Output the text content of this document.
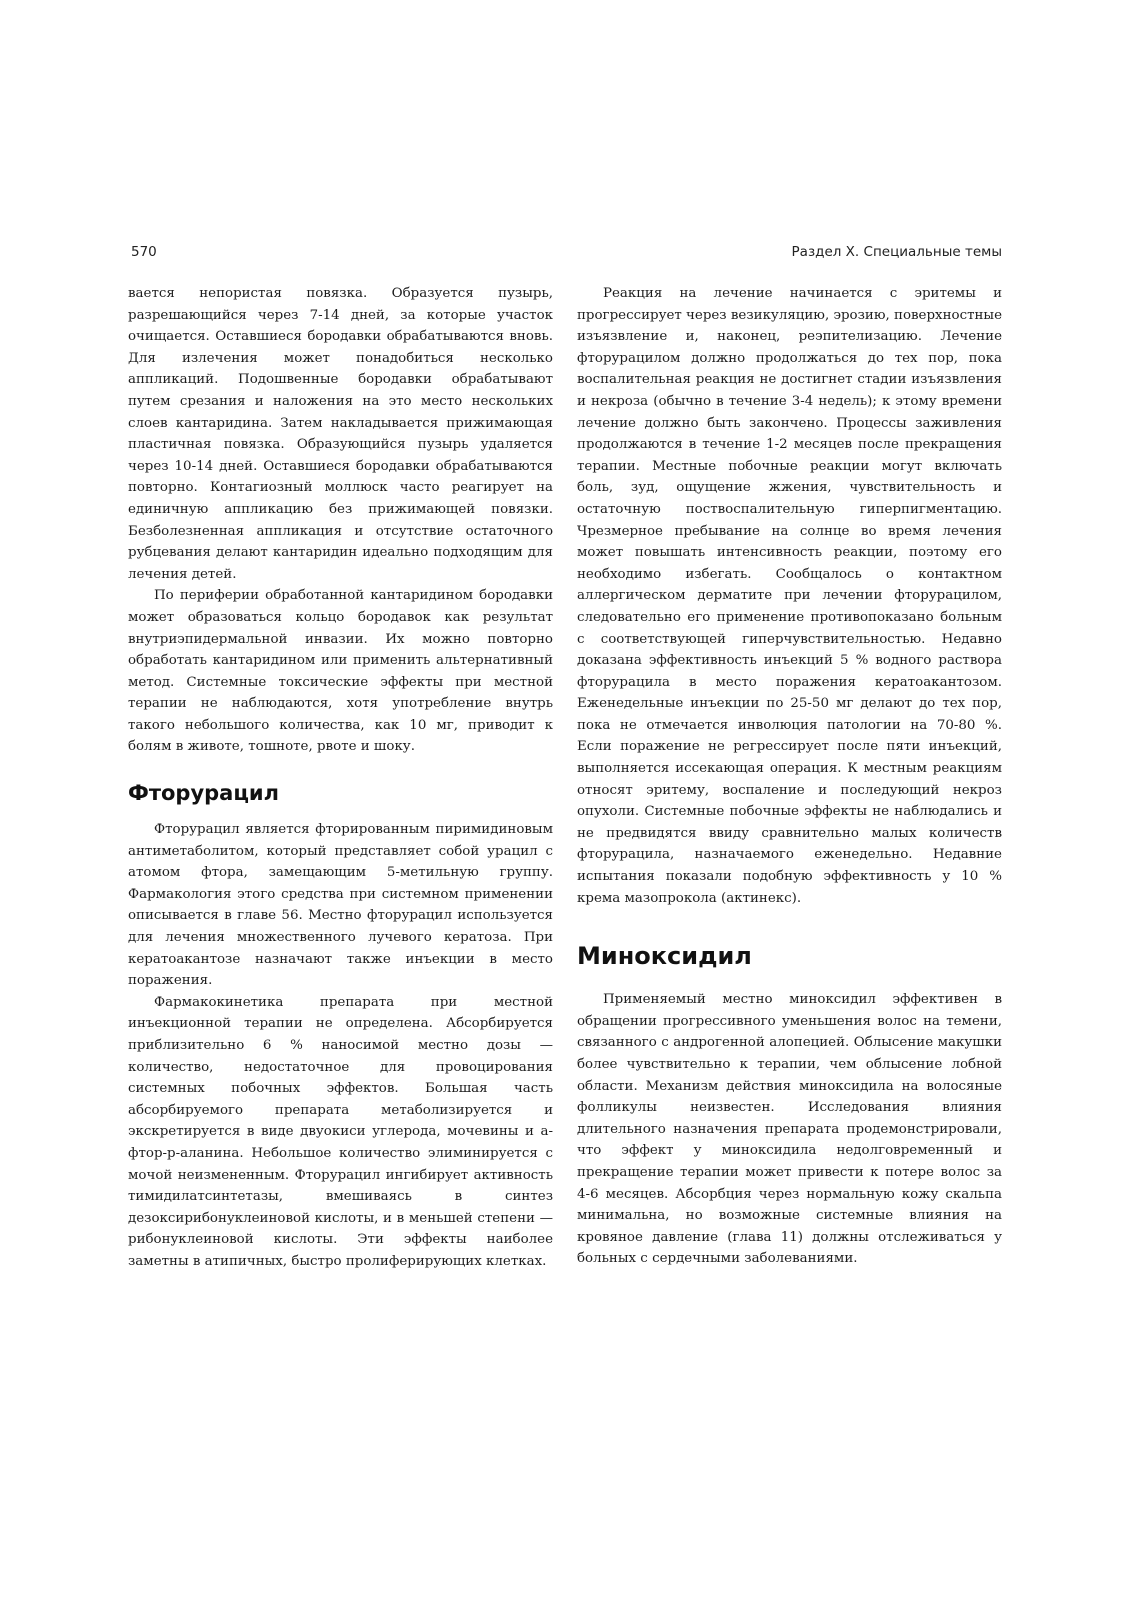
570	Раздел X. Специальные темы

вается непористая повязка. Образуется пузырь, разрешающийся через 7-14 дней, за которые участок очищается. Оставшиеся бородавки обрабатываются вновь. Для излечения может понадобиться несколько аппликаций. Подошвенные бородавки обрабатывают путем срезания и наложения на это место нескольких слоев кантаридина. Затем накладывается прижимающая пластичная повязка. Образующийся пузырь удаляется через 10-14 дней. Оставшиеся бородавки обрабатываются повторно. Контагиозный моллюск часто реагирует на единичную аппликацию без прижимающей повязки. Безболезненная аппликация и отсутствие остаточного рубцевания делают кантаридин идеально подходящим для лечения детей.

По периферии обработанной кантаридином бородавки может образоваться кольцо бородавок как результат внутриэпидермальной инвазии. Их можно повторно обработать кантаридином или применить альтернативный метод. Системные токсические эффекты при местной терапии не наблюдаются, хотя употребление внутрь такого небольшого количества, как 10 мг, приводит к болям в животе, тошноте, рвоте и шоку.

Фторурацил

Фторурацил является фторированным пиримидиновым антиметаболитом, который представляет собой урацил с атомом фтора, замещающим 5-метильную группу. Фармакология этого средства при системном применении описывается в главе 56. Местно фторурацил используется для лечения множественного лучевого кератоза. При кератоакантозе назначают также инъекции в место поражения.

Фармакокинетика препарата при местной инъекционной терапии не определена. Абсорбируется приблизительно 6 % наносимой местно дозы — количество, недостаточное для провоцирования системных побочных эффектов. Большая часть абсорбируемого препарата метаболизируется и экскретируется в виде двуокиси углерода, мочевины и а-фтор-р-аланина. Небольшое количество элиминируется с мочой неизмененным. Фторурацил ингибирует активность тимидилатсинтетазы, вмешиваясь в синтез дезоксирибонуклеиновой кислоты, и в меньшей степени — рибонуклеиновой кислоты. Эти эффекты наиболее заметны в атипичных, быстро пролиферирующих клетках.

Реакция на лечение начинается с эритемы и прогрессирует через везикуляцию, эрозию, поверхностные изъязвление и, наконец, реэпителизацию. Лечение фторурацилом должно продолжаться до тех пор, пока воспалительная реакция не достигнет стадии изъязвления и некроза (обычно в течение 3-4 недель); к этому времени лечение должно быть закончено. Процессы заживления продолжаются в течение 1-2 месяцев после прекращения терапии. Местные побочные реакции могут включать боль, зуд, ощущение жжения, чувствительность и остаточную поствоспалительную гиперпигментацию. Чрезмерное пребывание на солнце во время лечения может повышать интенсивность реакции, поэтому его необходимо избегать. Сообщалось о контактном аллергическом дерматите при лечении фторурацилом, следовательно его применение противопоказано больным с соответствующей гиперчувствительностью. Недавно доказана эффективность инъекций 5 % водного раствора фторурацила в место поражения кератоакантозом. Еженедельные инъекции по 25-50 мг делают до тех пор, пока не отмечается инволюция патологии на 70-80 %. Если поражение не регрессирует после пяти инъекций, выполняется иссекающая операция. К местным реакциям относят эритему, воспаление и последующий некроз опухоли. Системные побочные эффекты не наблюдались и не предвидятся ввиду сравнительно малых количеств фторурацила, назначаемого еженедельно. Недавние испытания показали подобную эффективность у 10 % крема мазопрокола (актинекс).

Миноксидил

Применяемый местно миноксидил эффективен в обращении прогрессивного уменьшения волос на темени, связанного с андрогенной алопецией. Облысение макушки более чувствительно к терапии, чем облысение лобной области. Механизм действия миноксидила на волосяные фолликулы неизвестен. Исследования влияния длительного назначения препарата продемонстрировали, что эффект у миноксидила недолговременный и прекращение терапии может привести к потере волос за 4-6 месяцев. Абсорбция через нормальную кожу скальпа минимальна, но возможные системные влияния на кровяное давление (глава 11) должны отслеживаться у больных с сердечными заболеваниями.
